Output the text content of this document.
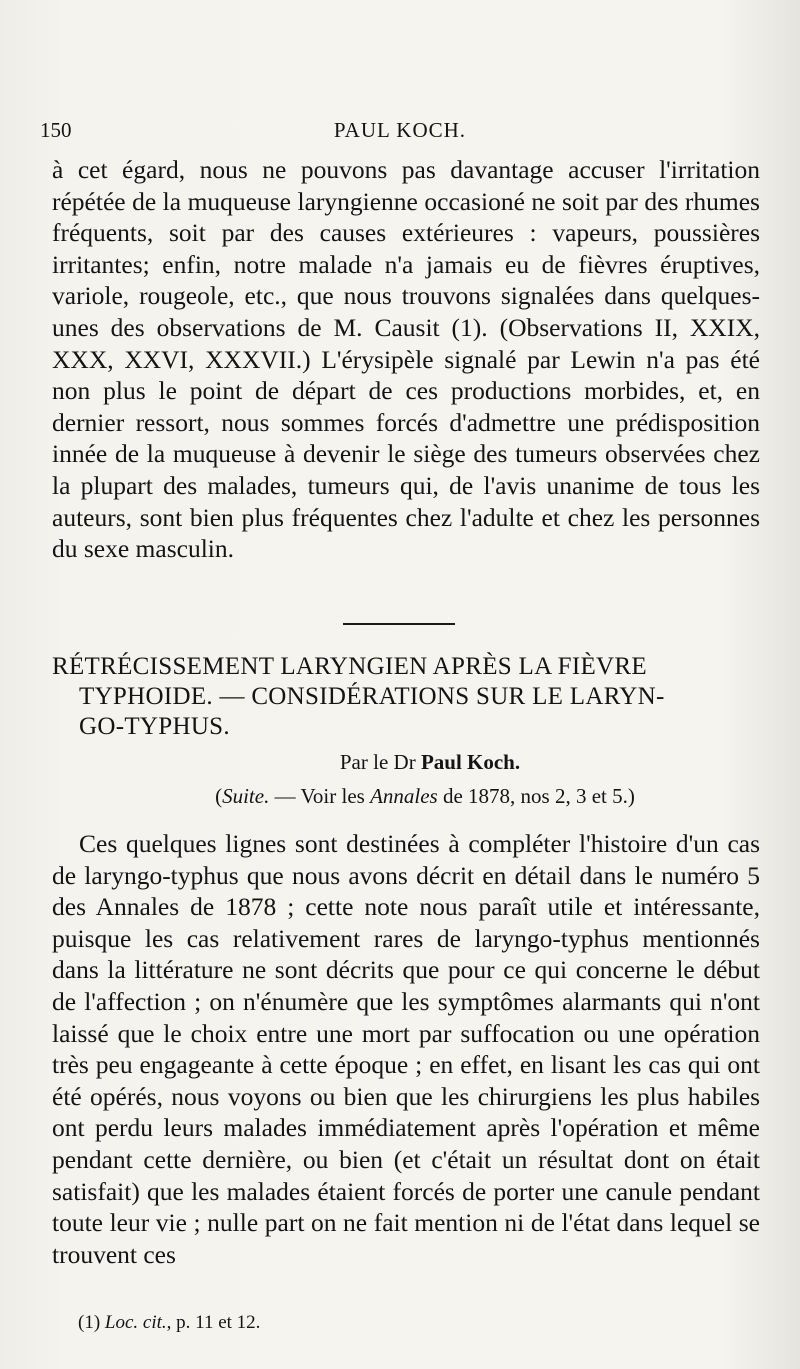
150	PAUL KOCH.

à cet égard, nous ne pouvons pas davantage accuser l'irritation répétée de la muqueuse laryngienne occasioné ne soit par des rhumes fréquents, soit par des causes extérieures : vapeurs, poussières irritantes; enfin, notre malade n'a jamais eu de fièvres éruptives, variole, rougeole, etc., que nous trouvons signalées dans quelques-unes des observations de M. Causit (1). (Observations II, XXIX, XXX, XXVI, XXXVII.) L'érysipèle signalé par Lewin n'a pas été non plus le point de départ de ces productions morbides, et, en dernier ressort, nous sommes forcés d'admettre une prédisposition innée de la muqueuse à devenir le siège des tumeurs observées chez la plupart des malades, tumeurs qui, de l'avis unanime de tous les auteurs, sont bien plus fréquentes chez l'adulte et chez les personnes du sexe masculin.

RÉTRÉCISSEMENT LARYNGIEN APRÈS LA FIÈVRE

TYPHOIDE. — CONSIDÉRATIONS SUR LE LARYN-
GO-TYPHUS.
Par le Dr Paul Koch.
(Suite. — Voir les Annales de 1878, nos 2, 3 et 5.)

Ces quelques lignes sont destinées à compléter l'histoire d'un cas de laryngo-typhus que nous avons décrit en détail dans le numéro 5 des Annales de 1878 ; cette note nous paraît utile et intéressante, puisque les cas relativement rares de laryngo-typhus mentionnés dans la littérature ne sont décrits que pour ce qui concerne le début de l'affection ; on n'énumère que les symptômes alarmants qui n'ont laissé que le choix entre une mort par suffocation ou une opération très peu engageante à cette époque ; en effet, en lisant les cas qui ont été opérés, nous voyons ou bien que les chirurgiens les plus habiles ont perdu leurs malades immédiatement après l'opération et même pendant cette dernière, ou bien (et c'était un résultat dont on était satisfait) que les malades étaient forcés de porter une canule pendant toute leur vie ; nulle part on ne fait mention ni de l'état dans lequel se trouvent ces

(1) Loc. cit., p. 11 et 12.
